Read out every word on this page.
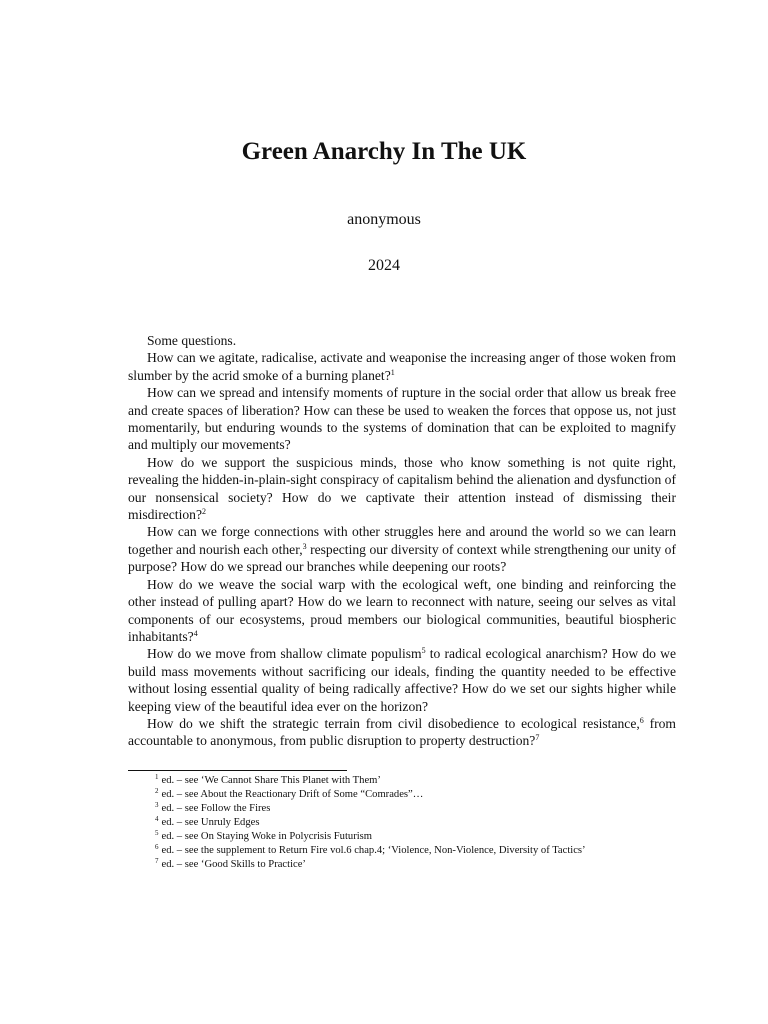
Green Anarchy In The UK
anonymous
2024

Some questions.

How can we agitate, radicalise, activate and weaponise the increasing anger of those woken from slumber by the acrid smoke of a burning planet?$^1$

How can we spread and intensify moments of rupture in the social order that allow us break free and create spaces of liberation? How can these be used to weaken the forces that oppose us, not just momentarily, but enduring wounds to the systems of domination that can be exploited to magnify and multiply our movements?

How do we support the suspicious minds, those who know something is not quite right, revealing the hidden-in-plain-sight conspiracy of capitalism behind the alienation and dysfunction of our nonsensical society? How do we captivate their attention instead of dismissing their misdirection?$^2$

How can we forge connections with other struggles here and around the world so we can learn together and nourish each other,$^3$ respecting our diversity of context while strengthening our unity of purpose? How do we spread our branches while deepening our roots?

How do we weave the social warp with the ecological weft, one binding and reinforcing the other instead of pulling apart? How do we learn to reconnect with nature, seeing our selves as vital components of our ecosystems, proud members our biological communities, beautiful biospheric inhabitants?$^4$

How do we move from shallow climate populism$^5$ to radical ecological anarchism? How do we build mass movements without sacrificing our ideals, finding the quantity needed to be effective without losing essential quality of being radically affective? How do we set our sights higher while keeping view of the beautiful idea ever on the horizon?

How do we shift the strategic terrain from civil disobedience to ecological resistance,$^6$ from accountable to anonymous, from public disruption to property destruction?$^7$

$^1$ ed. – see ‘We Cannot Share This Planet with Them’
$^2$ ed. – see About the Reactionary Drift of Some “Comrades”…
$^3$ ed. – see Follow the Fires
$^4$ ed. – see Unruly Edges
$^5$ ed. – see On Staying Woke in Polycrisis Futurism
$^6$ ed. – see the supplement to Return Fire vol.6 chap.4; ‘Violence, Non-Violence, Diversity of Tactics’
$^7$ ed. – see ‘Good Skills to Practice’
